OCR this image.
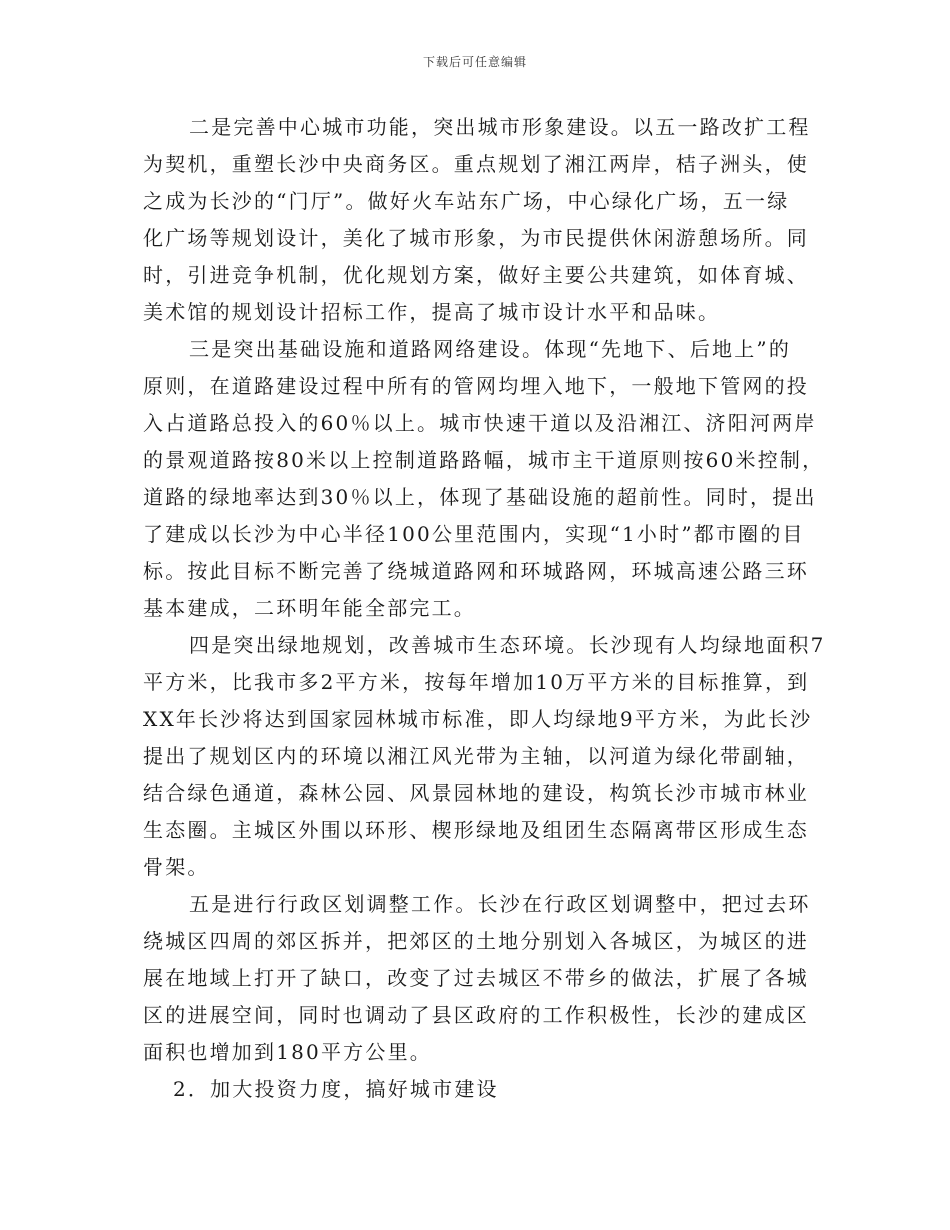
下载后可任意编辑
二是完善中心城市功能，突出城市形象建设。以五一路改扩工程
为契机，重塑长沙中央商务区。重点规划了湘江两岸，桔子洲头，使
之成为长沙的“门厅”。做好火车站东广场，中心绿化广场，五一绿
化广场等规划设计，美化了城市形象，为市民提供休闲游憩场所。同
时，引进竞争机制，优化规划方案，做好主要公共建筑，如体育城、
美术馆的规划设计招标工作，提高了城市设计水平和品味。
三是突出基础设施和道路网络建设。体现“先地下、后地上”的
原则，在道路建设过程中所有的管网均埋入地下，一般地下管网的投
入占道路总投入的60％以上。城市快速干道以及沿湘江、济阳河两岸
的景观道路按80米以上控制道路路幅，城市主干道原则按60米控制，
道路的绿地率达到30％以上，体现了基础设施的超前性。同时，提出
了建成以长沙为中心半径100公里范围内，实现“1小时”都市圈的目
标。按此目标不断完善了绕城道路网和环城路网，环城高速公路三环
基本建成，二环明年能全部完工。
四是突出绿地规划，改善城市生态环境。长沙现有人均绿地面积7
平方米，比我市多2平方米，按每年增加10万平方米的目标推算，到
XX年长沙将达到国家园林城市标准，即人均绿地9平方米，为此长沙
提出了规划区内的环境以湘江风光带为主轴，以河道为绿化带副轴，
结合绿色通道，森林公园、风景园林地的建设，构筑长沙市城市林业
生态圈。主城区外围以环形、楔形绿地及组团生态隔离带区形成生态
骨架。
五是进行行政区划调整工作。长沙在行政区划调整中，把过去环
绕城区四周的郊区拆并，把郊区的土地分别划入各城区，为城区的进
展在地域上打开了缺口，改变了过去城区不带乡的做法，扩展了各城
区的进展空间，同时也调动了县区政府的工作积极性，长沙的建成区
面积也增加到180平方公里。
2．加大投资力度，搞好城市建设
